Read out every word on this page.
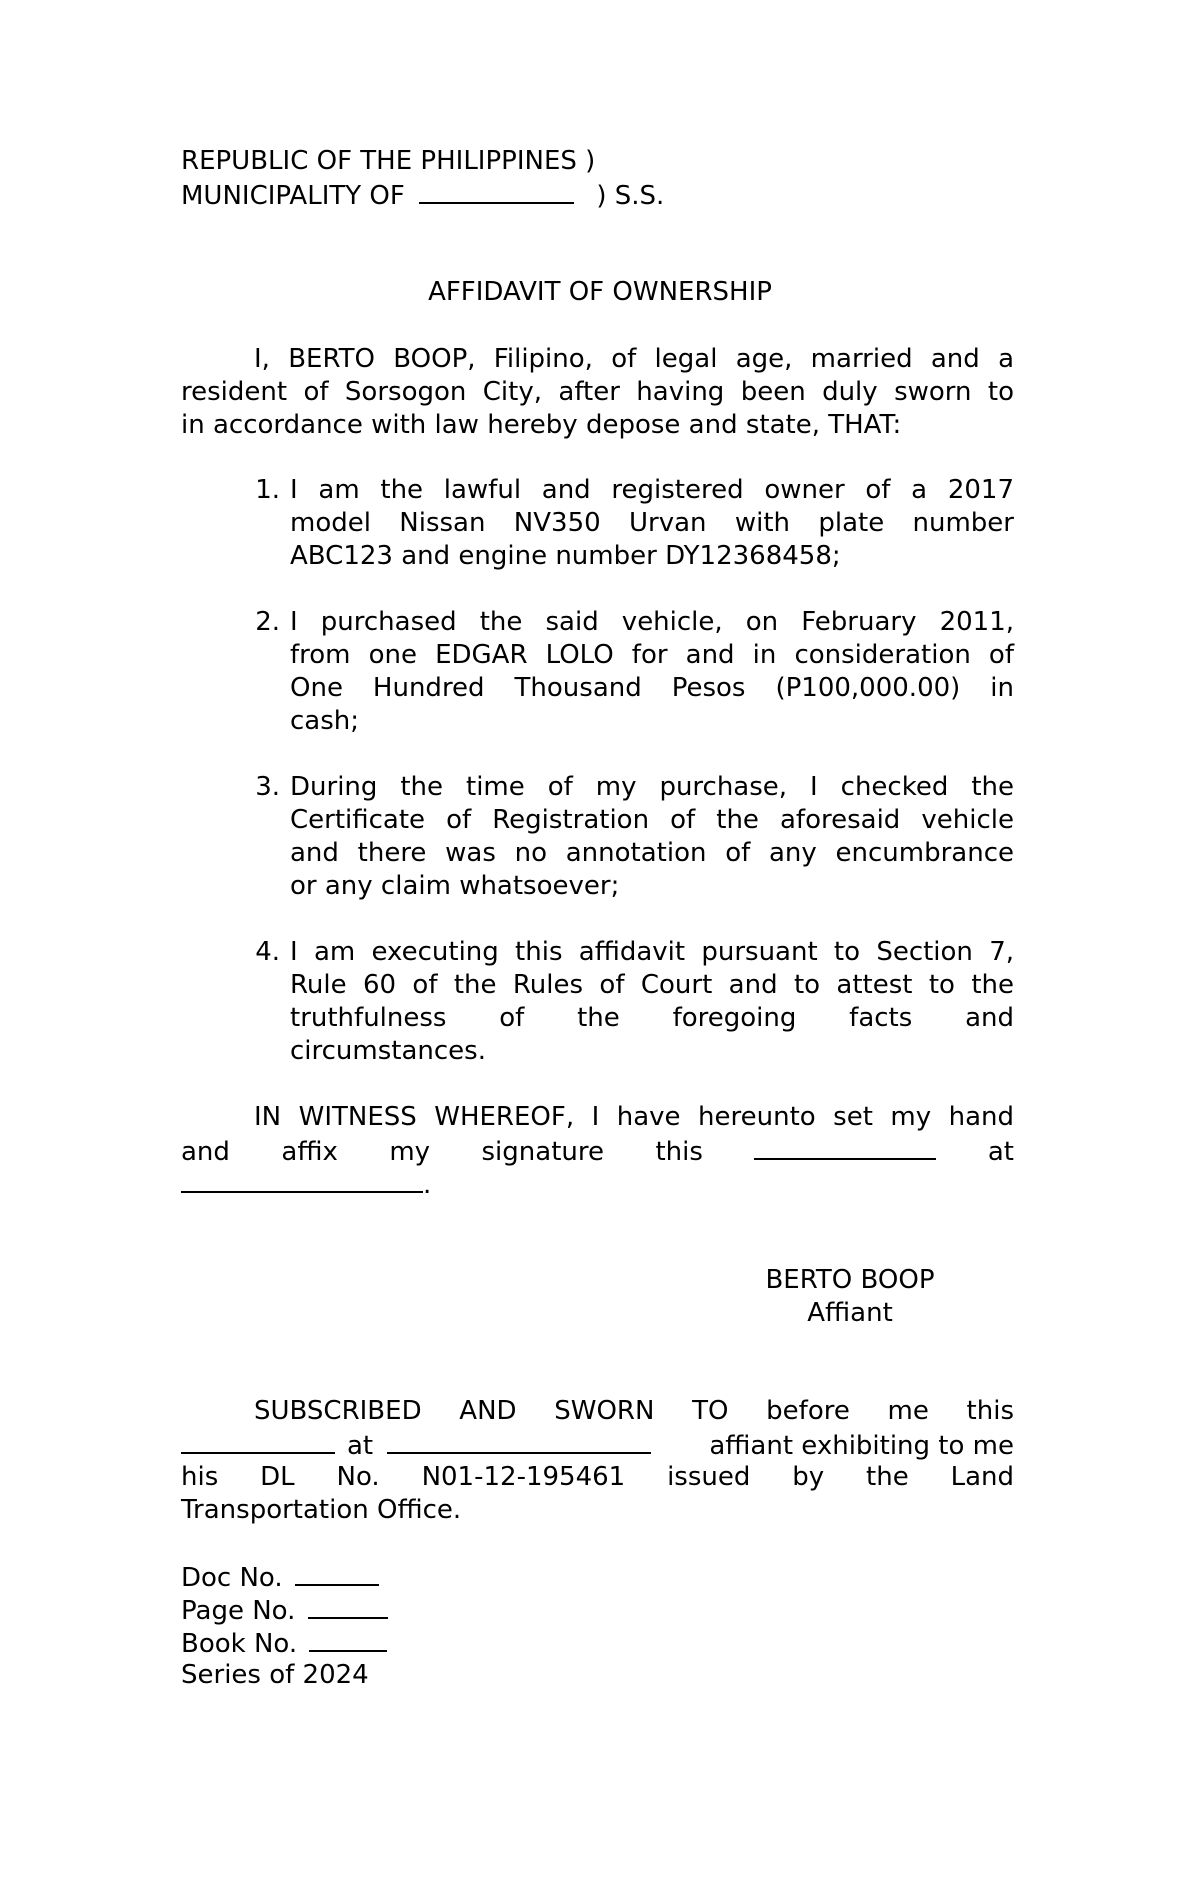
REPUBLIC OF THE PHILIPPINES )
MUNICIPALITY OF	) S.S.
AFFIDAVIT OF OWNERSHIP
I, BERTO BOOP, Filipino, of legal age, married and a
resident of Sorsogon City, after having been duly sworn to
in accordance with law hereby depose and state, THAT:
1. I am the lawful and registered owner of a 2017
model Nissan NV350 Urvan with plate number
ABC123 and engine number DY12368458;
2. I purchased the said vehicle, on February 2011,
from one EDGAR LOLO for and in consideration of
One Hundred Thousand Pesos (P100,000.00) in
cash;
3. During the time of my purchase, I checked the
Certificate of Registration of the aforesaid vehicle
and there was no annotation of any encumbrance
or any claim whatsoever;
4. I am executing this affidavit pursuant to Section 7,
Rule 60 of the Rules of Court and to attest to the
truthfulness of the foregoing facts and
circumstances.
IN WITNESS WHEREOF, I have hereunto set my hand
and affix my signature this	at
.
BERTO BOOP
Affiant
SUBSCRIBED AND SWORN TO before me this
at	affiant exhibiting to me
his DL No. N01-12-195461 issued by the Land
Transportation Office.
Doc No.
Page No.
Book No.
Series of 2024
